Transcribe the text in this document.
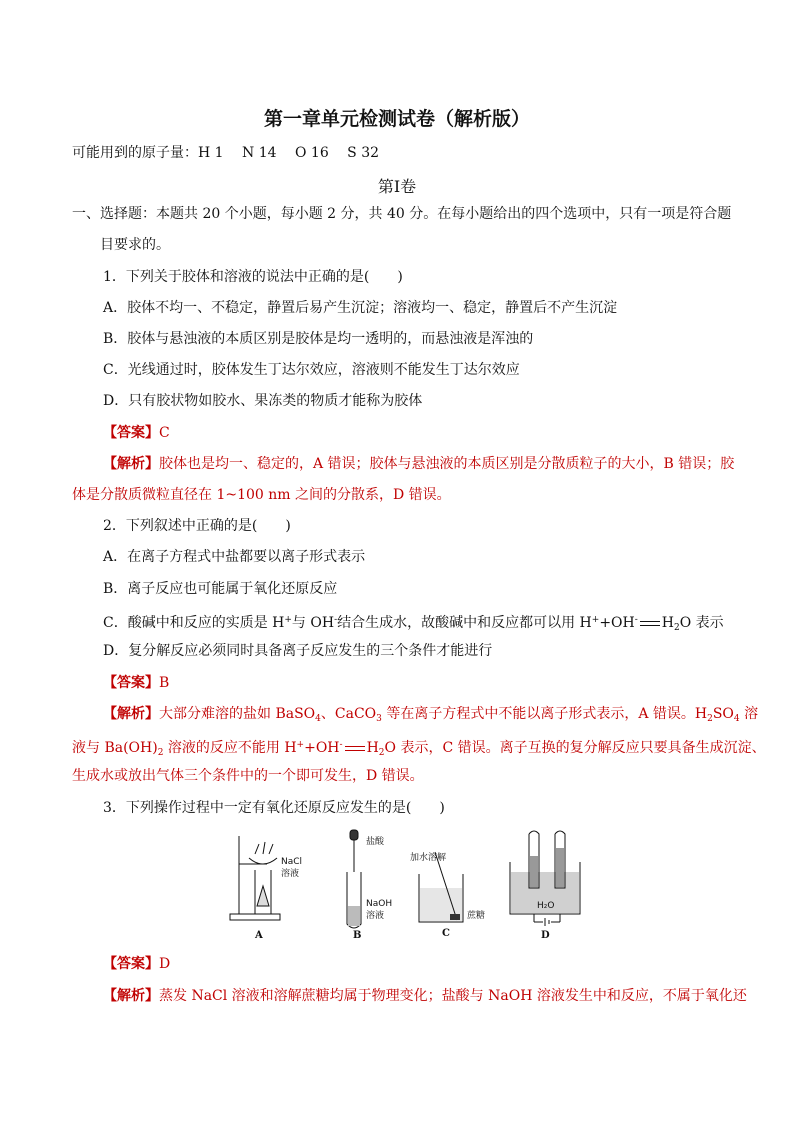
第一章单元检测试卷（解析版）
可能用到的原子量：H 1　 N 14　 O 16　 S 32
第Ⅰ卷
一、选择题：本题共 20 个小题，每小题 2 分，共 40 分。在每小题给出的四个选项中，只有一项是符合题
目要求的。
1．下列关于胶体和溶液的说法中正确的是(　　)
A．胶体不均一、不稳定，静置后易产生沉淀；溶液均一、稳定，静置后不产生沉淀
B．胶体与悬浊液的本质区别是胶体是均一透明的，而悬浊液是浑浊的
C．光线通过时，胶体发生丁达尔效应，溶液则不能发生丁达尔效应
D．只有胶状物如胶水、果冻类的物质才能称为胶体
【答案】C
【解析】胶体也是均一、稳定的，A 错误；胶体与悬浊液的本质区别是分散质粒子的大小，B 错误；胶
体是分散质微粒直径在 1~100 nm 之间的分散系，D 错误。
2．下列叙述中正确的是(　　)
A．在离子方程式中盐都要以离子形式表示
B．离子反应也可能属于氧化还原反应
C．酸碱中和反应的实质是 H+与 OH-结合生成水，故酸碱中和反应都可以用 H++OH- $H_2O$ 表示
D．复分解反应必须同时具备离子反应发生的三个条件才能进行
【答案】B
【解析】大部分难溶的盐如 BaSO$_4$、CaCO$_3$ 等在离子方程式中不能以离子形式表示，A 错误。$H_2SO_4$ 溶
液与 $Ba(OH)_2$ 溶液的反应不能用 H++OH- $H_2O$ 表示，C 错误。离子互换的复分解反应只要具备生成沉淀、
生成水或放出气体三个条件中的一个即可发生，D 错误。
3．下列操作过程中一定有氧化还原反应发生的是(　　)
NaCl
溶液
A
盐酸
NaOH
溶液
B
加水溶解
蔗糖
C
H₂O
D
【答案】D
【解析】蒸发 NaCl 溶液和溶解蔗糖均属于物理变化；盐酸与 NaOH 溶液发生中和反应，不属于氧化还
